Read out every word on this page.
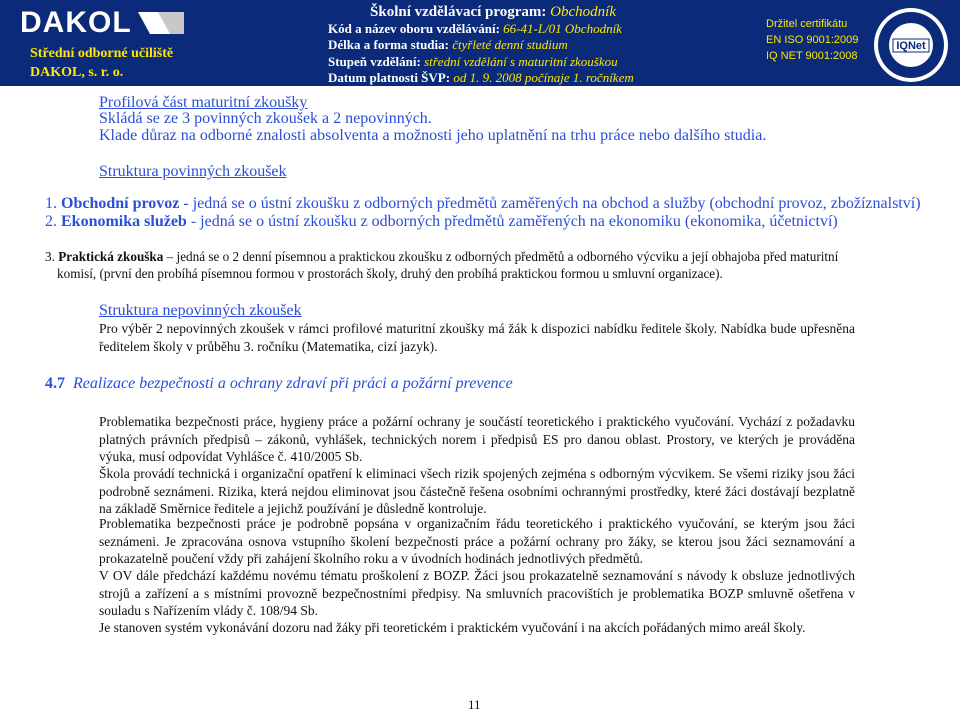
DAKOL
Střední odborné učiliště
DAKOL, s. r. o.
Školní vzdělávací program: Obchodník
Kód a název oboru vzdělávání: 66-41-L/01 Obchodník
Délka a forma studia: čtyřleté denní studium
Stupeň vzdělání: střední vzdělání s maturitní zkouškou
Datum platnosti ŠVP: od 1. 9. 2008 počínaje 1. ročníkem
Držitel certifikátu
EN ISO 9001:2009
IQ NET 9001:2008
IQNet
Profilová část maturitní zkoušky
Skládá se ze 3 povinných zkoušek a 2 nepovinných.
Klade důraz na odborné znalosti absolventa a možnosti jeho uplatnění na trhu práce nebo dalšího studia.
Struktura povinných zkoušek
1. Obchodní provoz - jedná se o ústní zkoušku z odborných předmětů zaměřených na obchod a služby (obchodní provoz, zbožíznalství)
2. Ekonomika služeb - jedná se o ústní zkoušku z odborných předmětů zaměřených na ekonomiku (ekonomika, účetnictví)
3. Praktická zkouška – jedná se o 2 denní písemnou a praktickou zkoušku z odborných předmětů a odborného výcviku a její obhajoba před maturitní
komisí, (první den probíhá písemnou formou v prostorách školy, druhý den probíhá praktickou formou u smluvní organizace).
Struktura nepovinných zkoušek
Pro výběr 2 nepovinných zkoušek v rámci profilové maturitní zkoušky má žák k dispozici nabídku ředitele školy. Nabídka bude upřesněna ředitelem školy v průběhu 3. ročníku (Matematika, cizí jazyk).
4.7 Realizace bezpečnosti a ochrany zdraví při práci a požární prevence
Problematika bezpečnosti práce, hygieny práce a požární ochrany je součástí teoretického i praktického vyučování. Vychází z požadavku platných právních předpisů – zákonů, vyhlášek, technických norem i předpisů ES pro danou oblast. Prostory, ve kterých je prováděna výuka, musí odpovídat Vyhlášce č. 410/2005 Sb.
Škola provádí technická i organizační opatření k eliminaci všech rizik spojených zejména s odborným výcvikem. Se všemi riziky jsou žáci podrobně seznámeni. Rizika, která nejdou eliminovat jsou částečně řešena osobními ochrannými prostředky, které žáci dostávají bezplatně na základě Směrnice ředitele a jejichž používání je důsledně kontroluje.
Problematika bezpečnosti práce je podrobně popsána v organizačním řádu teoretického i praktického vyučování, se kterým jsou žáci seznámeni. Je zpracována osnova vstupního školení bezpečnosti práce a požární ochrany pro žáky, se kterou jsou žáci seznamování a prokazatelně poučení vždy při zahájení školního roku a v úvodních hodinách jednotlivých předmětů.
V OV dále předchází každému novému tématu proškolení z BOZP. Žáci jsou prokazatelně seznamování s návody k obsluze jednotlivých strojů a zařízení a s místními provozně bezpečnostními předpisy. Na smluvních pracovištích je problematika BOZP smluvně ošetřena v souladu s Nařízením vlády č. 108/94 Sb.
Je stanoven systém vykonávání dozoru nad žáky při teoretickém i praktickém vyučování i na akcích pořádaných mimo areál školy.
11
